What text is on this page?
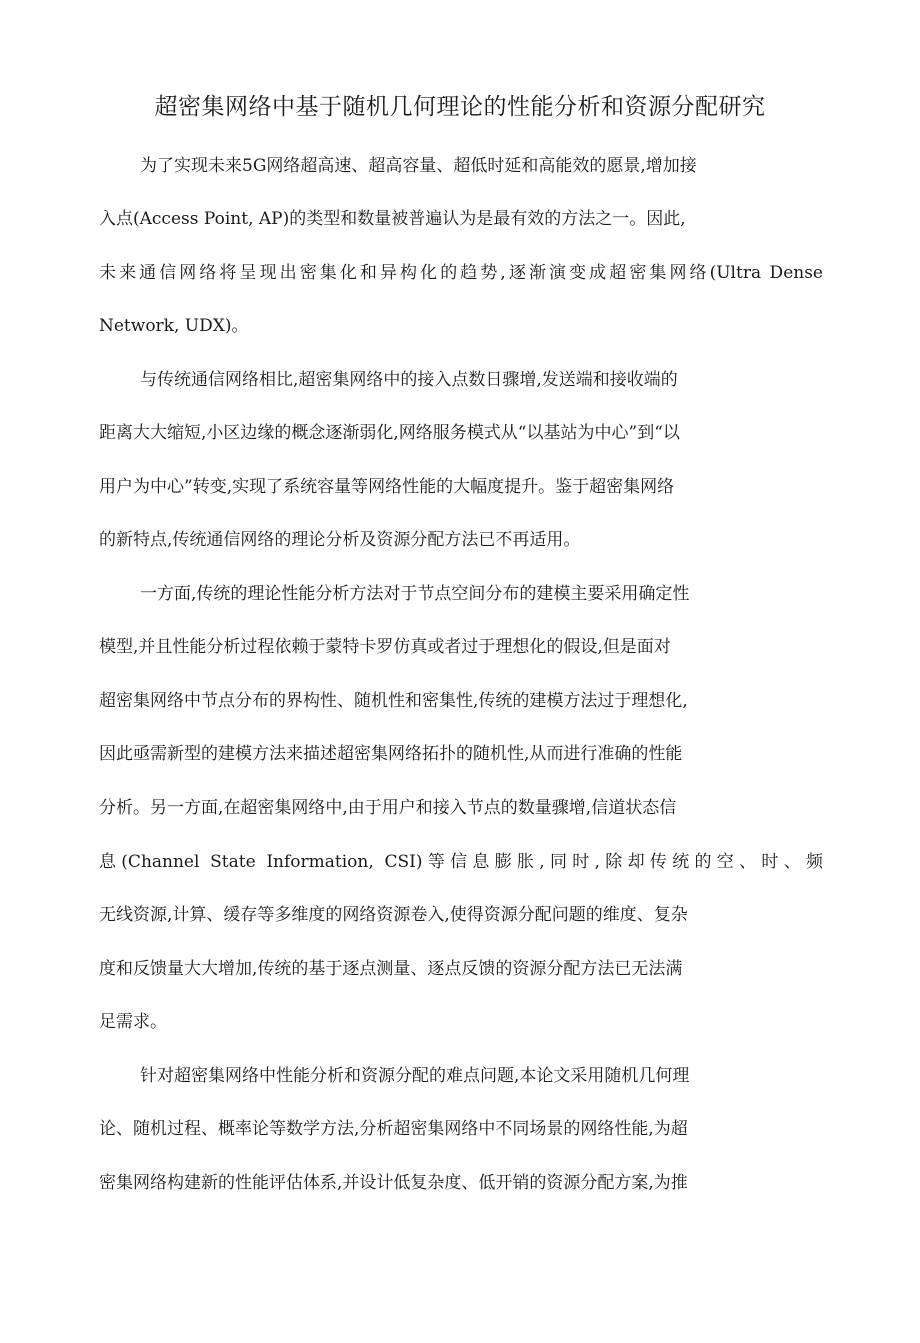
超密集网络中基于随机几何理论的性能分析和资源分配研究
为了实现未来5G网络超高速、超高容量、超低时延和高能效的愿景,增加接
入点(Access Point, AP)的类型和数量被普遍认为是最有效的方法之一。因此,
未来通信网络将呈现出密集化和异构化的趋势,逐渐演变成超密集网络(Ultra Dense
Network, UDX)。
与传统通信网络相比,超密集网络中的接入点数日骤增,发送端和接收端的
距离大大缩短,小区边缘的概念逐渐弱化,网络服务模式从“以基站为中心”到“以
用户为中心”转变,实现了系统容量等网络性能的大幅度提升。鉴于超密集网络
的新特点,传统通信网络的理论分析及资源分配方法已不再适用。
一方面,传统的理论性能分析方法对于节点空间分布的建模主要采用确定性
模型,并且性能分析过程依赖于蒙特卡罗仿真或者过于理想化的假设,但是面对
超密集网络中节点分布的界构性、随机性和密集性,传统的建模方法过于理想化,
因此亟需新型的建模方法来描述超密集网络拓扑的随机性,从而进行准确的性能
分析。另一方面,在超密集网络中,由于用户和接入节点的数量骤增,信道状态信
息(Channel State Information, CSI)等信息膨胀,同时,除却传统的空、时、频
无线资源,计算、缓存等多维度的网络资源卷入,使得资源分配问题的维度、复杂
度和反馈量大大增加,传统的基于逐点测量、逐点反馈的资源分配方法已无法满
足需求。
针对超密集网络中性能分析和资源分配的难点问题,本论文采用随机几何理
论、随机过程、概率论等数学方法,分析超密集网络中不同场景的网络性能,为超
密集网络构建新的性能评估体系,并设计低复杂度、低开销的资源分配方案,为推
